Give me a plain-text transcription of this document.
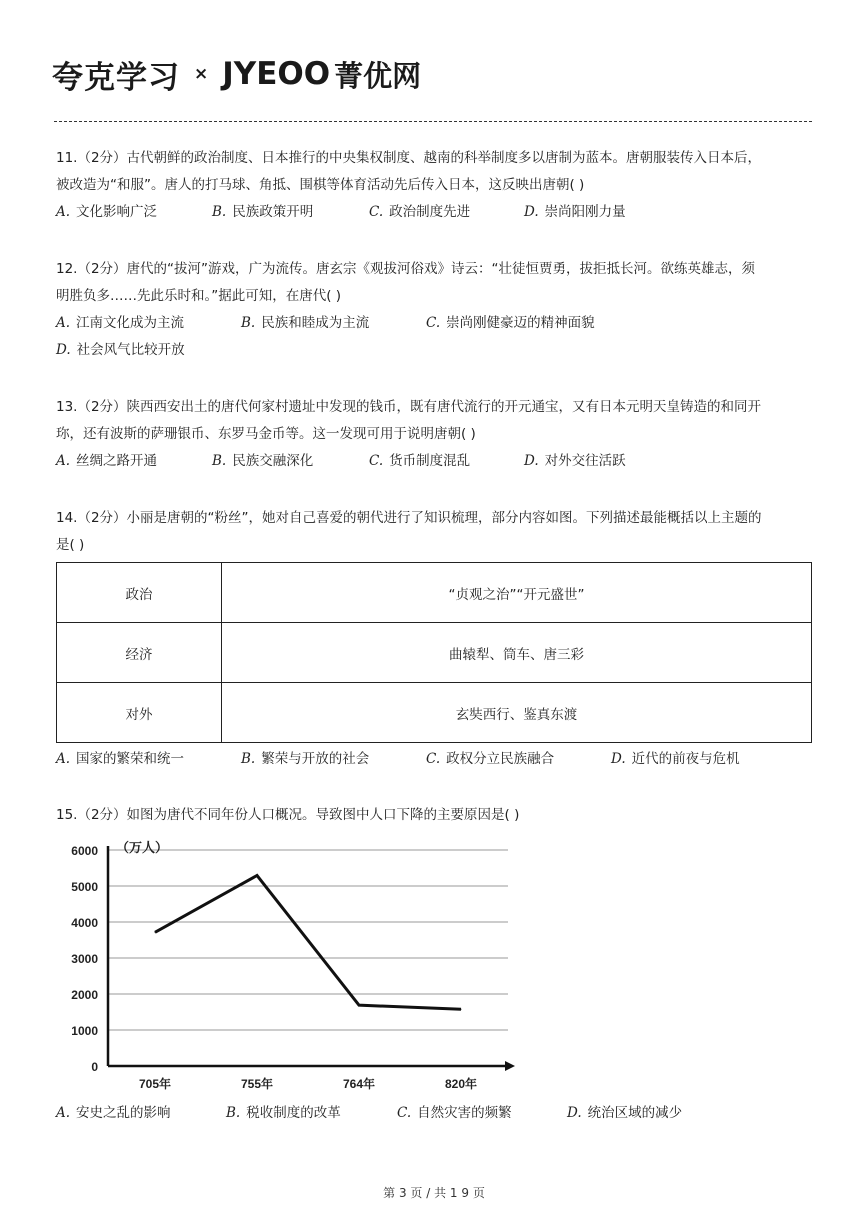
夸克学习 × JYEOO 菁优网

11.（2分）古代朝鲜的政治制度、日本推行的中央集权制度、越南的科举制度多以唐制为蓝本。唐朝服装传入日本后，

被改造为“和服”。唐人的打马球、角抵、围棋等体育活动先后传入日本，这反映出唐朝( )

A. 文化影响广泛	B. 民族政策开明	C. 政治制度先进	D. 崇尚阳刚力量

12.（2分）唐代的“拔河”游戏，广为流传。唐玄宗《观拔河俗戏》诗云：“壮徒恒贾勇，拔拒抵长河。欲练英雄志，须

明胜负多……先此乐时和。”据此可知，在唐代( )

A. 江南文化成为主流	B. 民族和睦成为主流	C. 崇尚刚健豪迈的精神面貌
D. 社会风气比较开放

13.（2分）陕西西安出土的唐代何家村遗址中发现的钱币，既有唐代流行的开元通宝，又有日本元明天皇铸造的和同开

珎，还有波斯的萨珊银币、东罗马金币等。这一发现可用于说明唐朝( )

A. 丝绸之路开通	B. 民族交融深化	C. 货币制度混乱	D. 对外交往活跃

14.（2分）小丽是唐朝的“粉丝”，她对自己喜爱的朝代进行了知识梳理，部分内容如图。下列描述最能概括以上主题的

是( )

政治	“贞观之治”“开元盛世”
经济	曲辕犁、筒车、唐三彩
对外	玄奘西行、鉴真东渡
A. 国家的繁荣和统一	B. 繁荣与开放的社会	C. 政权分立民族融合	D. 近代的前夜与危机

15.（2分）如图为唐代不同年份人口概况。导致图中人口下降的主要原因是( )

0
1000
2000
3000
4000
5000
6000 （万人）
705年	755年	764年	820年
A. 安史之乱的影响	B. 税收制度的改革	C. 自然灾害的频繁	D. 统治区域的减少
第 3 页 / 共 1 9 页
